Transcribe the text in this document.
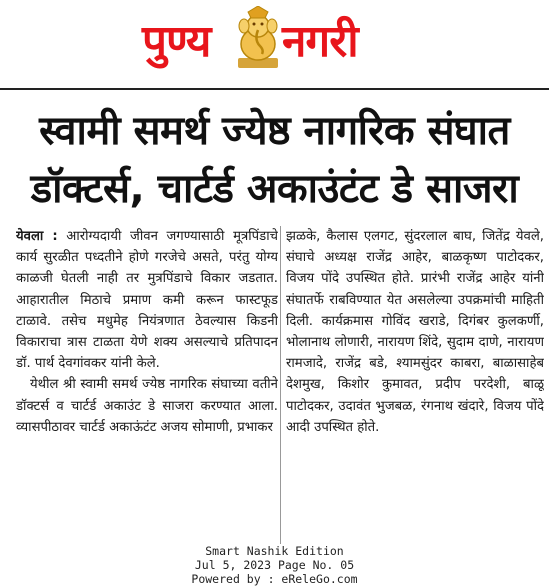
पुण्य नगरी
स्वामी समर्थ ज्येष्ठ नागरिक संघात
डॉक्टर्स, चार्टर्ड अकाउंटंट डे साजरा

येवला : आरोग्यदायी जीवन जगण्यासाठी मूत्रपिंडाचे कार्य सुरळीत पध्दतीने होणे गरजेचे असते, परंतु योग्य काळजी घेतली नाही तर मुत्रपिंडाचे विकार जडतात. आहारातील मिठाचे प्रमाण कमी करून फास्टफूड टाळावे. तसेच मधुमेह नियंत्रणात ठेवल्यास किडनी विकाराचा त्रास टाळता येणे शक्य असल्याचे प्रतिपादन डॉ. पार्थ देवगांवकर यांनी केले.

येथील श्री स्वामी समर्थ ज्येष्ठ नागरिक संघाच्या वतीने डॉक्टर्स व चार्टर्ड अकाउंट डे साजरा करण्यात आला. व्यासपीठावर चार्टर्ड अकाऊंटंट अजय सोमाणी, प्रभाकर

झळके, कैलास एलगट, सुंदरलाल बाघ, जितेंद्र येवले, संघाचे अध्यक्ष राजेंद्र आहेर, बाळकृष्ण पाटोदकर, विजय पोंदे उपस्थित होते. प्रारंभी राजेंद्र आहेर यांनी संघातर्फे राबविण्यात येत असलेल्या उपक्रमांची माहिती दिली. कार्यक्रमास गोविंद खराडे, दिगंबर कुलकर्णी, भोलानाथ लोणारी, नारायण शिंदे, सुदाम दाणे, नारायण रामजादे, राजेंद्र बडे, श्यामसुंदर काबरा, बाळासाहेब देशमुख, किशोर कुमावत, प्रदीप परदेशी, बाळू पाटोदकर, उदावंत भुजबळ, रंगनाथ खंदारे, विजय पोंदे आदी उपस्थित होते.

Smart Nashik Edition
Jul 5, 2023 Page No. 05
Powered by : eReleGo.com
